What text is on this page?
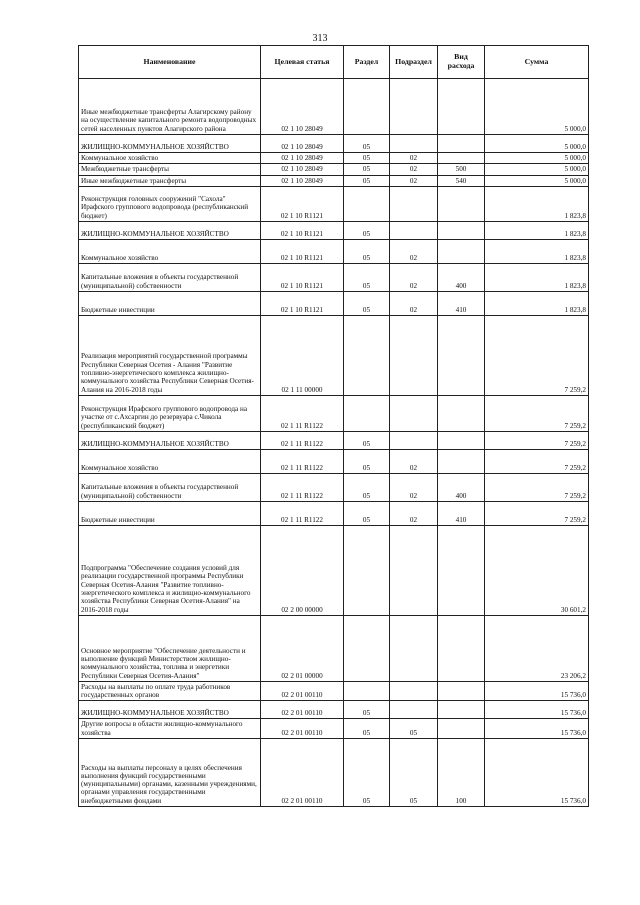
313
Наименование	Целевая статья	Раздел	Подраздел	Вид расхода	Сумма
Иные межбюджетные трансферты Алагирскому району на осуществление капитального ремонта водопроводных сетей населенных пунктов Алагирского района	02 1 10 28049				5 000,0
ЖИЛИЩНО-КОММУНАЛЬНОЕ ХОЗЯЙСТВО	02 1 10 28049	05			5 000,0
Коммунальное хозяйство	02 1 10 28049	05	02		5 000,0
Межбюджетные трансферты	02 1 10 28049	05	02	500	5 000,0
Иные межбюджетные трансферты	02 1 10 28049	05	02	540	5 000,0
Реконструкция головных сооружений "Сахола" Ирафского группового водопровода (республиканский бюджет)	02 1 10 R1121				1 823,8
ЖИЛИЩНО-КОММУНАЛЬНОЕ ХОЗЯЙСТВО	02 1 10 R1121	05			1 823,8
Коммунальное хозяйство	02 1 10 R1121	05	02		1 823,8
Капитальные вложения в объекты государственной (муниципальной) собственности	02 1 10 R1121	05	02	400	1 823,8
Бюджетные инвестиции	02 1 10 R1121	05	02	410	1 823,8
Реализация мероприятий государственной программы Республики Северная Осетия - Алания "Развитие топливно-энергетического комплекса жилищно-коммунального хозяйства Республики Северная Осетия-Алания на 2016-2018 годы	02 1 11 00000				7 259,2
Реконструкция Ирафского группового водопровода на участке от с.Ахсаргин до резервуара с.Чикола (республиканский бюджет)	02 1 11 R1122				7 259,2
ЖИЛИЩНО-КОММУНАЛЬНОЕ ХОЗЯЙСТВО	02 1 11 R1122	05			7 259,2
Коммунальное хозяйство	02 1 11 R1122	05	02		7 259,2
Капитальные вложения в объекты государственной (муниципальной) собственности	02 1 11 R1122	05	02	400	7 259,2
Бюджетные инвестиции	02 1 11 R1122	05	02	410	7 259,2
Подпрограмма "Обеспечение создания условий для реализации государственной программы Республики Северная Осетия-Алания "Развитие топливно-энергетического комплекса и жилищно-коммунального хозяйства Республики Северная Осетия-Алания" на 2016-2018 годы	02 2 00 00000				30 601,2
Основное мероприятие "Обеспечение деятельности и выполнение функций Министерством жилищно-коммунального хозяйства, топлива и энергетики Республики Северная Осетия-Алания"	02 2 01 00000				23 206,2
Расходы на выплаты по оплате труда работников государственных органов	02 2 01 00110				15 736,0
ЖИЛИЩНО-КОММУНАЛЬНОЕ ХОЗЯЙСТВО	02 2 01 00110	05			15 736,0
Другие вопросы в области жилищно-коммунального хозяйства	02 2 01 00110	05	05		15 736,0
Расходы на выплаты персоналу в целях обеспечения выполнения функций государственными (муниципальными) органами, казенными учреждениями, органами управления государственными внебюджетными фондами	02 2 01 00110	05	05	100	15 736,0
